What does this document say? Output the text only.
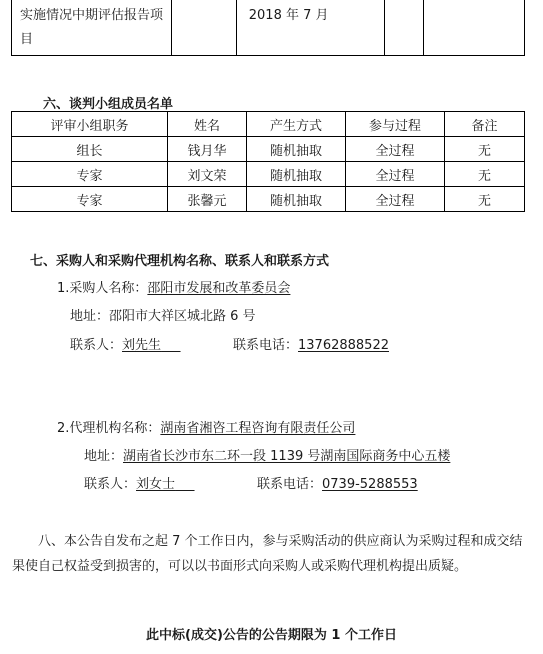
实施情况中期评估报告项目		2018 年 7 月		
六、谈判小组成员名单
评审小组职务	姓名	产生方式	参与过程	备注
组长	钱月华	随机抽取	全过程	无
专家	刘文荣	随机抽取	全过程	无
专家	张馨元	随机抽取	全过程	无
七、采购人和采购代理机构名称、联系人和联系方式
1.采购人名称：邵阳市发展和改革委员会
地址：邵阳市大祥区城北路 6 号
联系人：刘先生  	联系电话：13762888522
2.代理机构名称：湖南省湘咨工程咨询有限责任公司
地址：湖南省长沙市东二环一段 1139 号湖南国际商务中心五楼
联系人：刘女士  	联系电话：0739-5288553
八、本公告自发布之起 7 个工作日内，参与采购活动的供应商认为采购过程和成交结果使自己权益受到损害的，可以以书面形式向采购人或采购代理机构提出质疑。
此中标(成交)公告的公告期限为 1 个工作日
